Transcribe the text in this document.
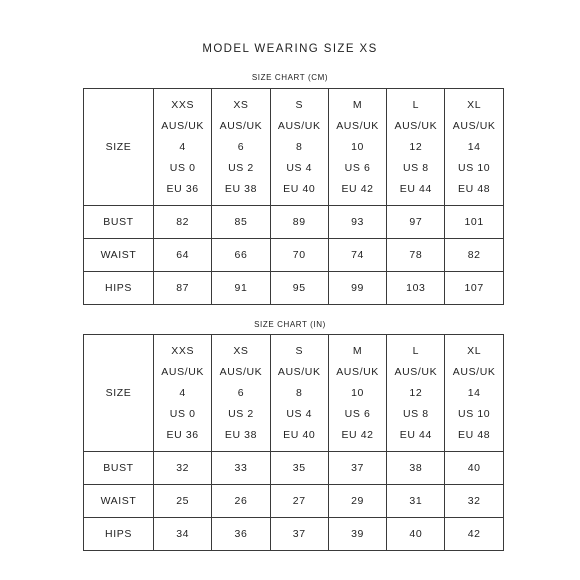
MODEL WEARING SIZE XS
SIZE CHART (CM)
SIZE	XXS
AUS/UK
4
US 0
EU 36	XS
AUS/UK
6
US 2
EU 38	S
AUS/UK
8
US 4
EU 40	M
AUS/UK
10
US 6
EU 42	L
AUS/UK
12
US 8
EU 44	XL
AUS/UK
14
US 10
EU 48

BUST	82	85	89	93	97	101
WAIST	64	66	70	74	78	82
HIPS	87	91	95	99	103	107
SIZE CHART (IN)
SIZE	XXS
AUS/UK
4
US 0
EU 36	XS
AUS/UK
6
US 2
EU 38	S
AUS/UK
8
US 4
EU 40	M
AUS/UK
10
US 6
EU 42	L
AUS/UK
12
US 8
EU 44	XL
AUS/UK
14
US 10
EU 48

BUST	32	33	35	37	38	40
WAIST	25	26	27	29	31	32
HIPS	34	36	37	39	40	42
